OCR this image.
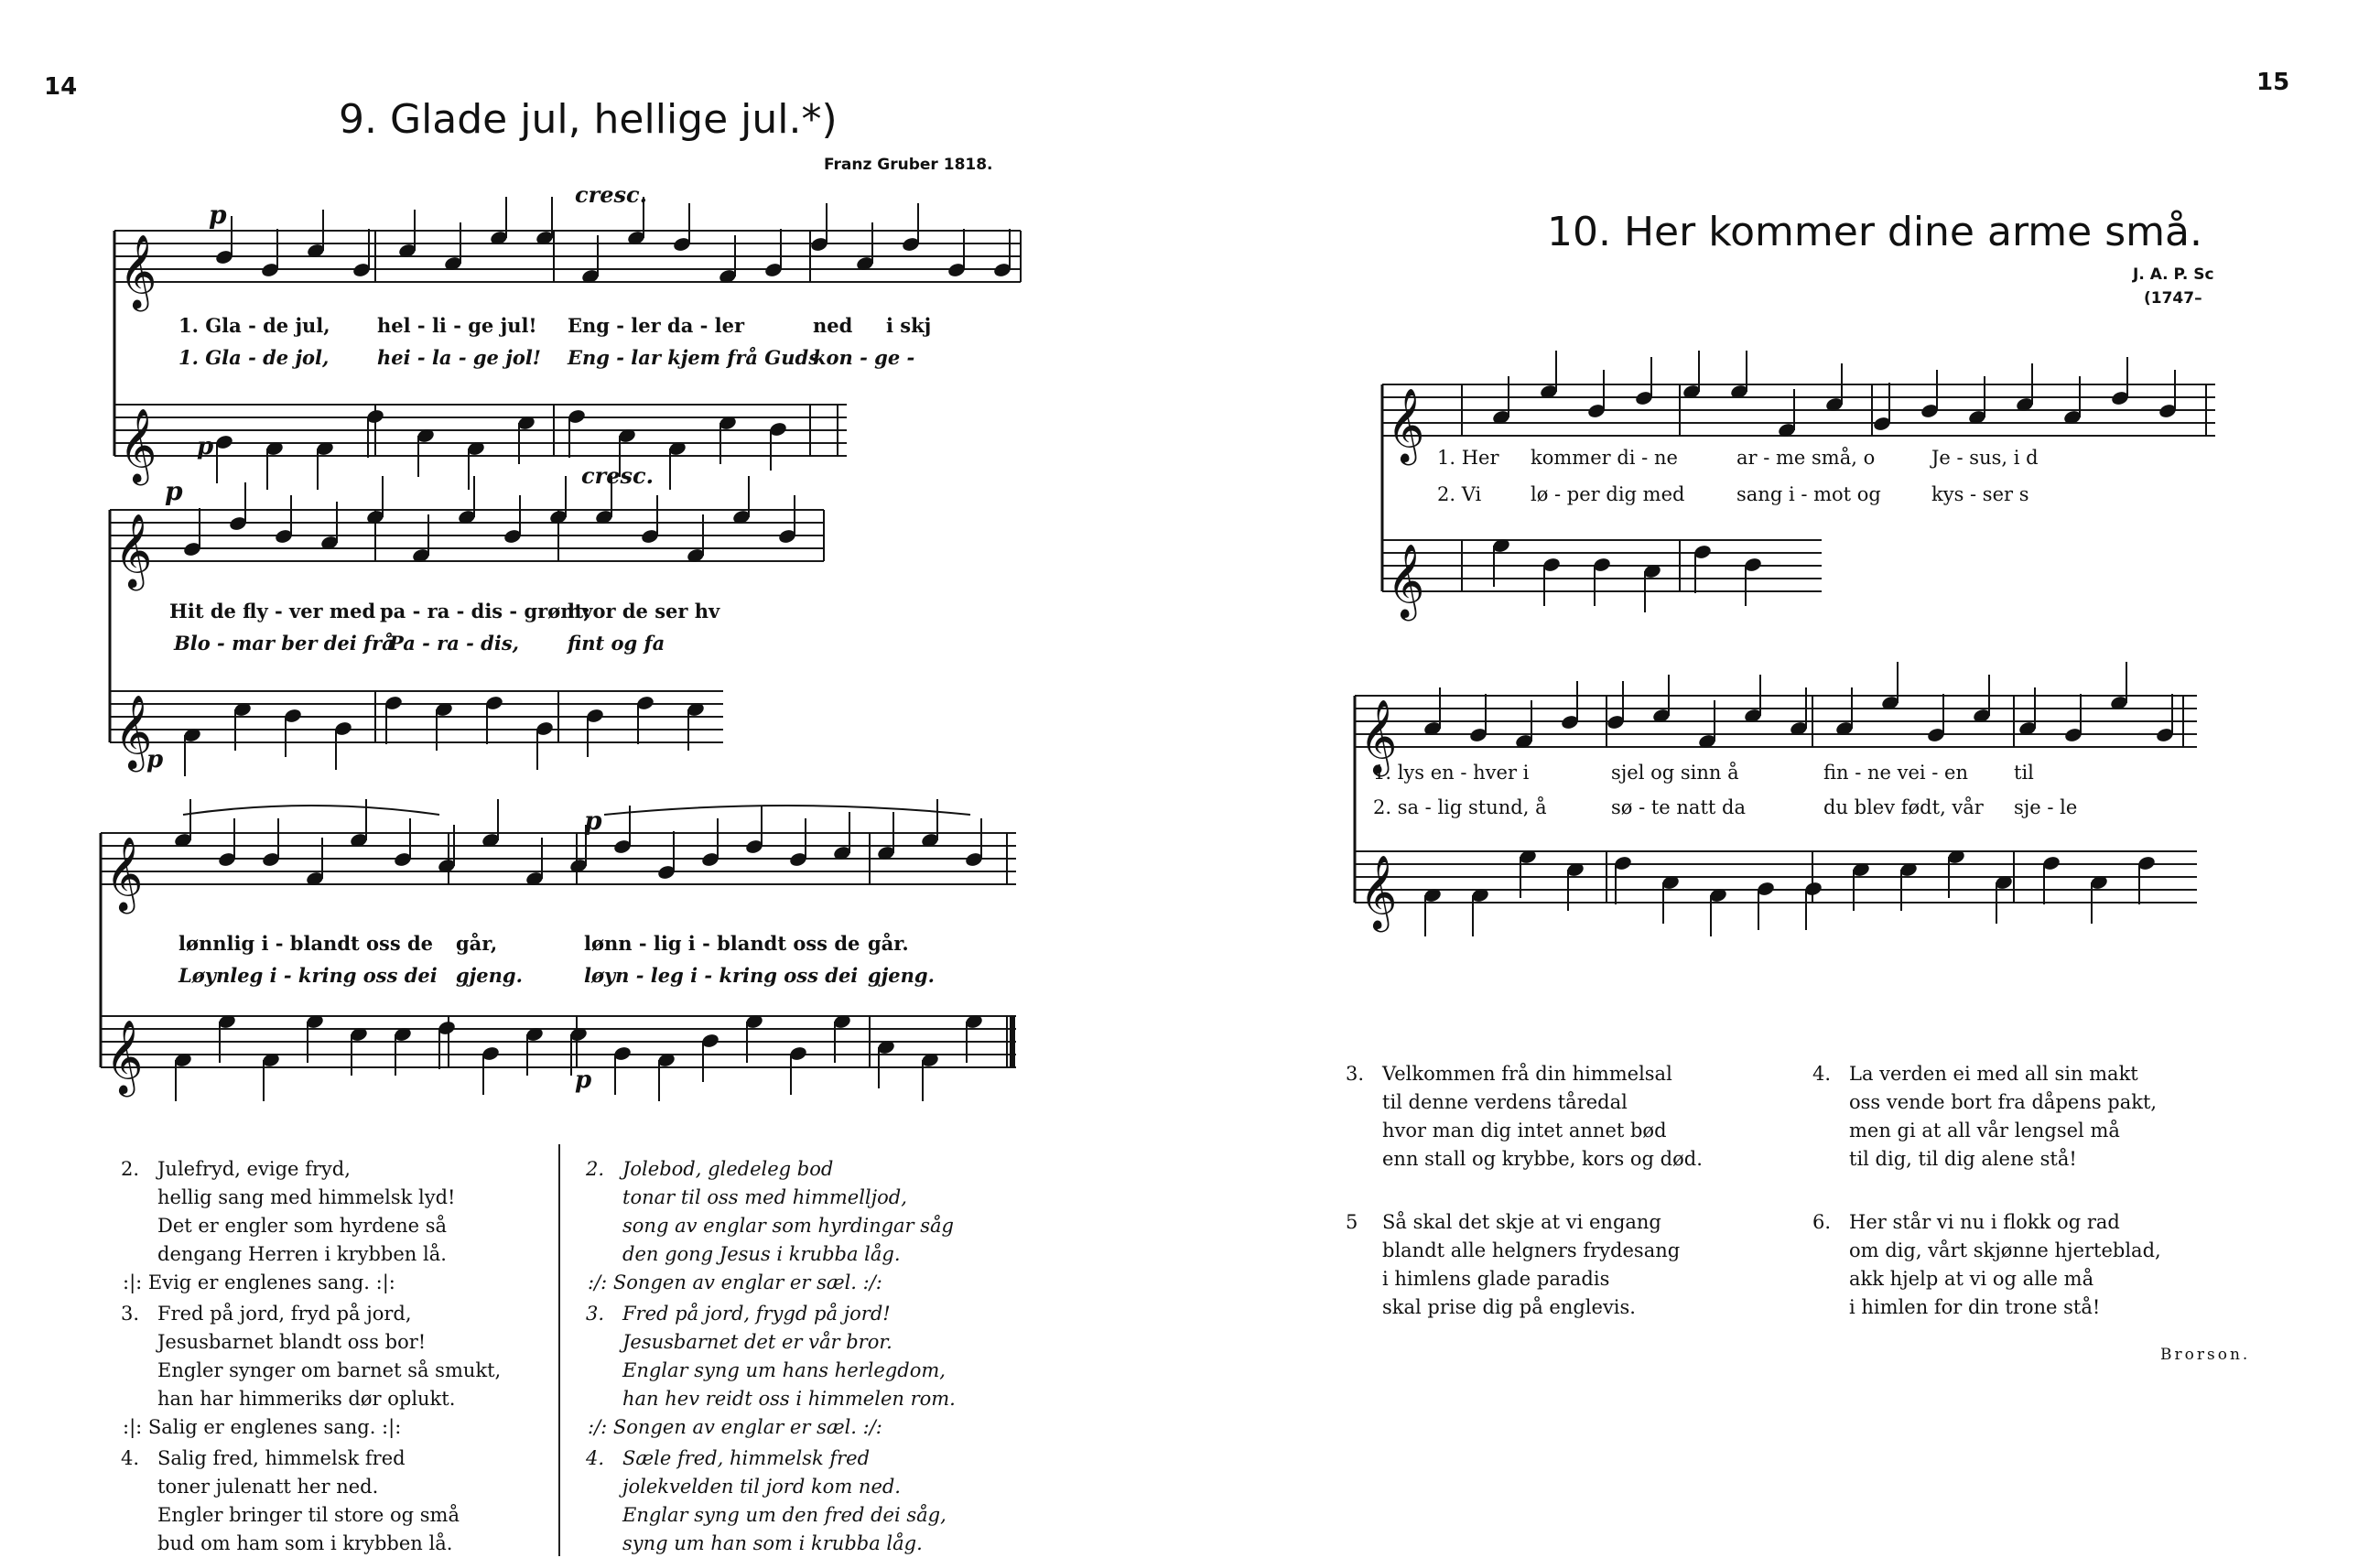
14
9. Glade jul, hellige jul.*)
Franz Gruber 1818.
p
cresc.
𝄞
𝄞
1. Gla - de jul, hel - li - ge jul! Eng - ler da - ler	ned i skj
1. Gla - de jol,	hei - la - ge jol! Eng - lar kjem frå Guds
kon - ge -
p
cresc.
p
𝄞
𝄞
Hit de fly - ver med pa - ra - dis - grønt;
hvor de ser hv
Blo - mar ber dei frå
Pa - ra - dis,	fint og fa
p
p
𝄞
𝄞
lønnlig i - blandt oss de går,	lønn - lig i - blandt oss de går.
Løynleg i - kring oss dei gjeng.	løyn - leg i - kring oss dei gjeng.
p
2. Julefryd, evige fryd,
hellig sang med himmelsk lyd!
Det er engler som hyrdene så
dengang Herren i krybben lå.
:|: Evig er englenes sang. :|:
3. Fred på jord, fryd på jord,
Jesusbarnet blandt oss bor!
Engler synger om barnet så smukt,
han har himmeriks dør oplukt.
:|: Salig er englenes sang. :|:
4. Salig fred, himmelsk fred
toner julenatt her ned.
Engler bringer til store og små
bud om ham som i krybben lå.
2. Jolebod, gledeleg bod
tonar til oss med himmelljod,
song av englar som hyrdingar såg
den gong Jesus i krubba låg.
:/: Songen av englar er sæl. :/:
3. Fred på jord, frygd på jord!
Jesusbarnet det er vår bror.
Englar syng um hans herlegdom,
han hev reidt oss i himmelen rom.
:/: Songen av englar er sæl. :/:
4. Sæle fred, himmelsk fred
jolekvelden til jord kom ned.
Englar syng um den fred dei såg,
syng um han som i krubba låg.
15
10. Her kommer dine arme små.
J. A. P. Sc
(1747–
𝄞
𝄞
1. Her kommer di - ne	ar - me små, o	Je - sus, i d
2. Vi	lø - per dig med	sang i - mot og	kys - ser s
𝄞
𝄞
1. lys en - hver i	sjel og sinn å	fin - ne vei - en til
2. sa - lig stund, å	sø - te natt da	du blev født, vår sje - le
3. Velkommen frå din himmelsal
til denne verdens tåredal
hvor man dig intet annet bød
enn stall og krybbe, kors og død.
4. La verden ei med all sin makt
oss vende bort fra dåpens pakt,
men gi at all vår lengsel må
til dig, til dig alene stå!
5 Så skal det skje at vi engang
blandt alle helgners frydesang
i himlens glade paradis
skal prise dig på englevis.
6. Her står vi nu i flokk og rad
om dig, vårt skjønne hjerteblad,
akk hjelp at vi og alle må
i himlen for din trone stå!
Brorson.
